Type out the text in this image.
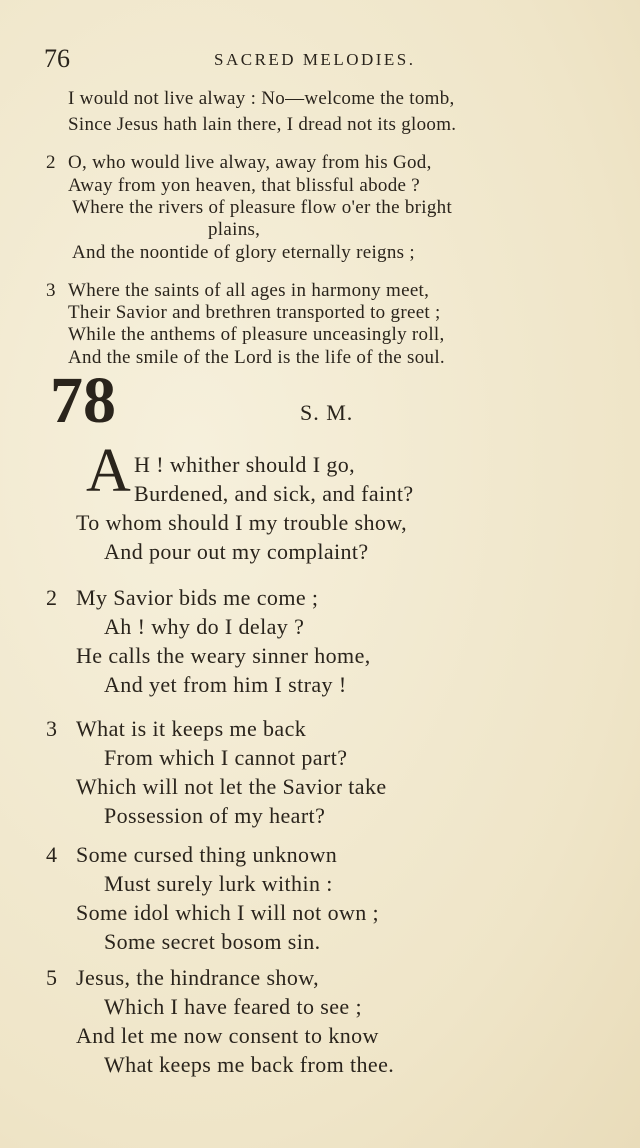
76	SACRED MELODIES.
I would not live alway : No—welcome the tomb,
Since Jesus hath lain there, I dread not its gloom.
2 O, who would live alway, away from his God,
Away from yon heaven, that blissful abode ?
Where the rivers of pleasure flow o'er the bright
plains,
And the noontide of glory eternally reigns ;
3 Where the saints of all ages in harmony meet,
Their Savior and brethren transported to greet ;
While the anthems of pleasure unceasingly roll,
And the smile of the Lord is the life of the soul.
78	S. M.
A H ! whither should I go,
Burdened, and sick, and faint?
To whom should I my trouble show,
And pour out my complaint?
2 My Savior bids me come ;
Ah ! why do I delay ?
He calls the weary sinner home,
And yet from him I stray !
3 What is it keeps me back
From which I cannot part?
Which will not let the Savior take
Possession of my heart?
4 Some cursed thing unknown
Must surely lurk within :
Some idol which I will not own ;
Some secret bosom sin.
5 Jesus, the hindrance show,
Which I have feared to see ;
And let me now consent to know
What keeps me back from thee.
